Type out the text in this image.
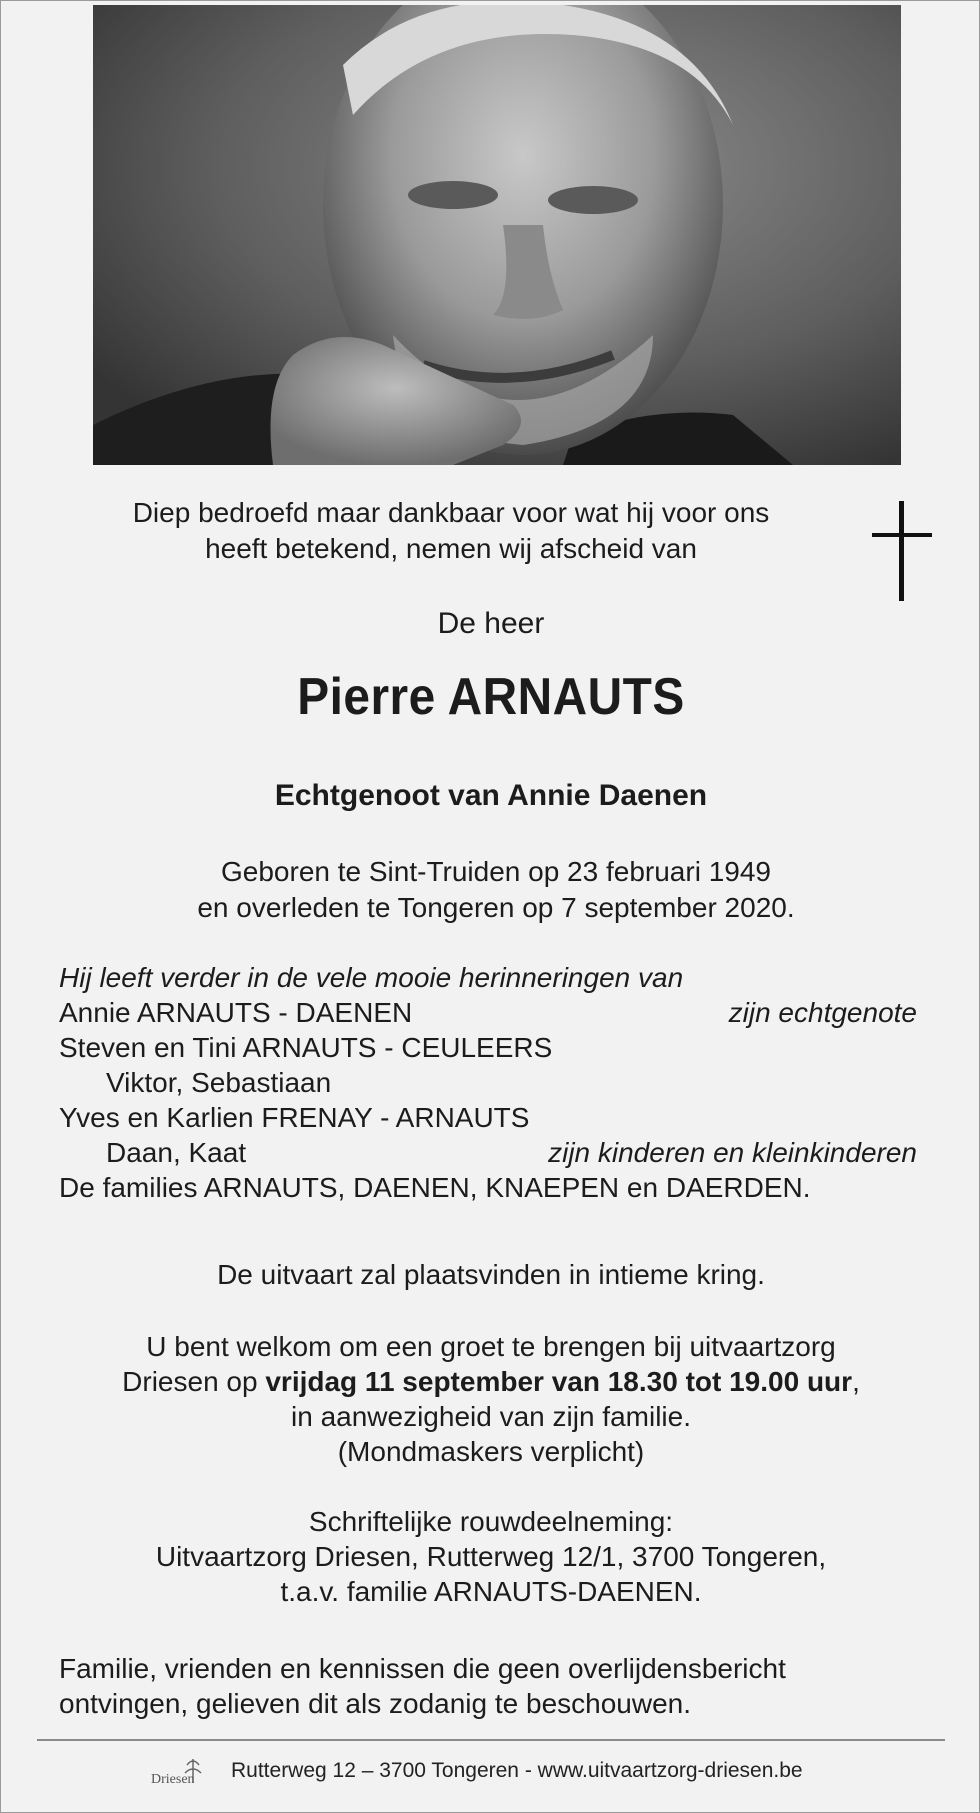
Diep bedroefd maar dankbaar voor wat hij voor ons
heeft betekend, nemen wij afscheid van
De heer
Pierre ARNAUTS
Echtgenoot van Annie Daenen
Geboren te Sint-Truiden op 23 februari 1949
en overleden te Tongeren op 7 september 2020.
Hij leeft verder in de vele mooie herinneringen van
Annie ARNAUTS - DAENEN	zijn echtgenote
Steven en Tini ARNAUTS - CEULEERS
Viktor, Sebastiaan
Yves en Karlien FRENAY - ARNAUTS
Daan, Kaat	zijn kinderen en kleinkinderen
De families ARNAUTS, DAENEN, KNAEPEN en DAERDEN.
De uitvaart zal plaatsvinden in intieme kring.
U bent welkom om een groet te brengen bij uitvaartzorg
Driesen op vrijdag 11 september van 18.30 tot 19.00 uur,
in aanwezigheid van zijn familie.
(Mondmaskers verplicht)
Schriftelijke rouwdeelneming:
Uitvaartzorg Driesen, Rutterweg 12/1, 3700 Tongeren,
t.a.v. familie ARNAUTS-DAENEN.
Familie, vrienden en kennissen die geen overlijdensbericht
ontvingen, gelieven dit als zodanig te beschouwen.
Driesen Rutterweg 12 – 3700 Tongeren - www.uitvaartzorg-driesen.be
